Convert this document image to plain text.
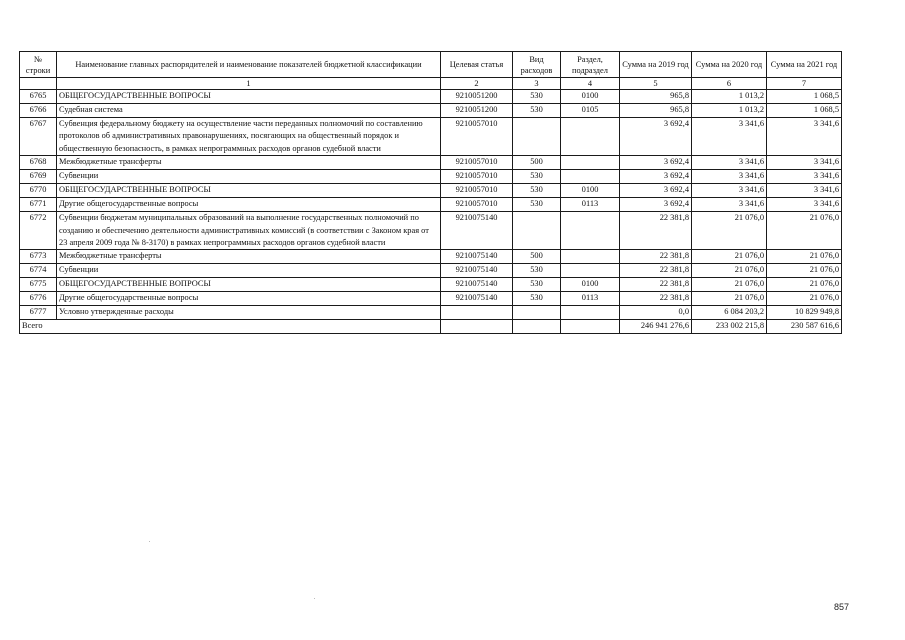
№ строки	Наименование главных распорядителей и наименование показателей бюджетной классификации	Целевая статья	Вид расходов	Раздел, подраздел	Сумма на 2019 год	Сумма на 2020 год	Сумма на 2021 год
	1	2	3	4	5	6	7
6765	ОБЩЕГОСУДАРСТВЕННЫЕ ВОПРОСЫ	9210051200	530	0100	965,8	1 013,2	1 068,5
6766	Судебная система	9210051200	530	0105	965,8	1 013,2	1 068,5
6767	Субвенция федеральному бюджету на осуществление части переданных полномочий по составлению протоколов об административных правонарушениях, посягающих на общественный порядок и общественную безопасность, в рамках непрограммных расходов органов судебной власти	9210057010			3 692,4	3 341,6	3 341,6
6768	Межбюджетные трансферты	9210057010	500		3 692,4	3 341,6	3 341,6
6769	Субвенции	9210057010	530		3 692,4	3 341,6	3 341,6
6770	ОБЩЕГОСУДАРСТВЕННЫЕ ВОПРОСЫ	9210057010	530	0100	3 692,4	3 341,6	3 341,6
6771	Другие общегосударственные вопросы	9210057010	530	0113	3 692,4	3 341,6	3 341,6
6772	Субвенции бюджетам муниципальных образований на выполнение государственных полномочий по созданию и обеспечению деятельности административных комиссий (в соответствии с Законом края от 23 апреля 2009 года № 8-3170) в рамках непрограммных расходов органов судебной власти	9210075140			22 381,8	21 076,0	21 076,0
6773	Межбюджетные трансферты	9210075140	500		22 381,8	21 076,0	21 076,0
6774	Субвенции	9210075140	530		22 381,8	21 076,0	21 076,0
6775	ОБЩЕГОСУДАРСТВЕННЫЕ ВОПРОСЫ	9210075140	530	0100	22 381,8	21 076,0	21 076,0
6776	Другие общегосударственные вопросы	9210075140	530	0113	22 381,8	21 076,0	21 076,0
6777	Условно утвержденные расходы				0,0	6 084 203,2	10 829 949,8
Всего					246 941 276,6	233 002 215,8	230 587 616,6
857
